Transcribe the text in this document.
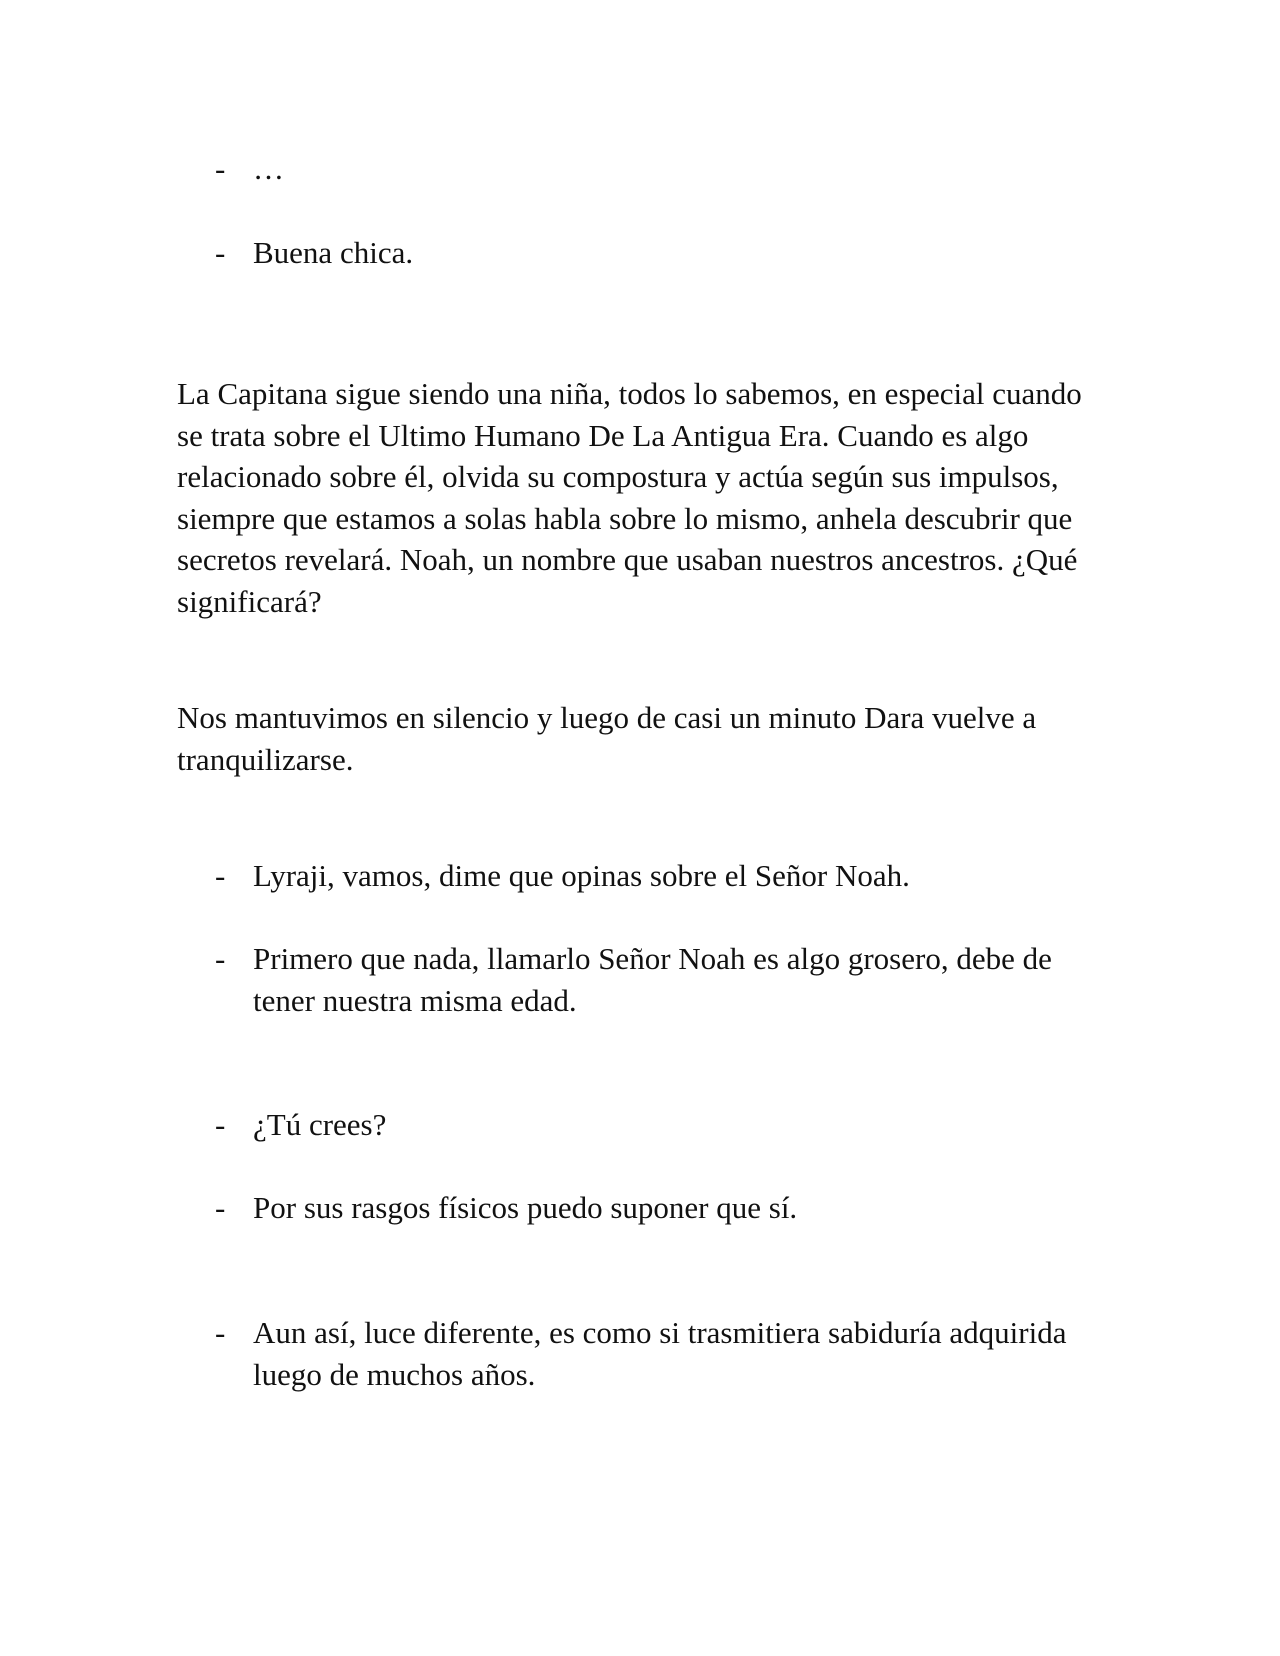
- …
- Buena chica.

La Capitana sigue siendo una niña, todos lo sabemos, en especial cuando se trata sobre el Ultimo Humano De La Antigua Era. Cuando es algo relacionado sobre él, olvida su compostura y actúa según sus impulsos, siempre que estamos a solas habla sobre lo mismo, anhela descubrir que secretos revelará. Noah, un nombre que usaban nuestros ancestros. ¿Qué significará?

Nos mantuvimos en silencio y luego de casi un minuto Dara vuelve a tranquilizarse.

- Lyraji, vamos, dime que opinas sobre el Señor Noah.
- Primero que nada, llamarlo Señor Noah es algo grosero, debe de tener nuestra misma edad.
- ¿Tú crees?
- Por sus rasgos físicos puedo suponer que sí.
- Aun así, luce diferente, es como si trasmitiera sabiduría adquirida luego de muchos años.
